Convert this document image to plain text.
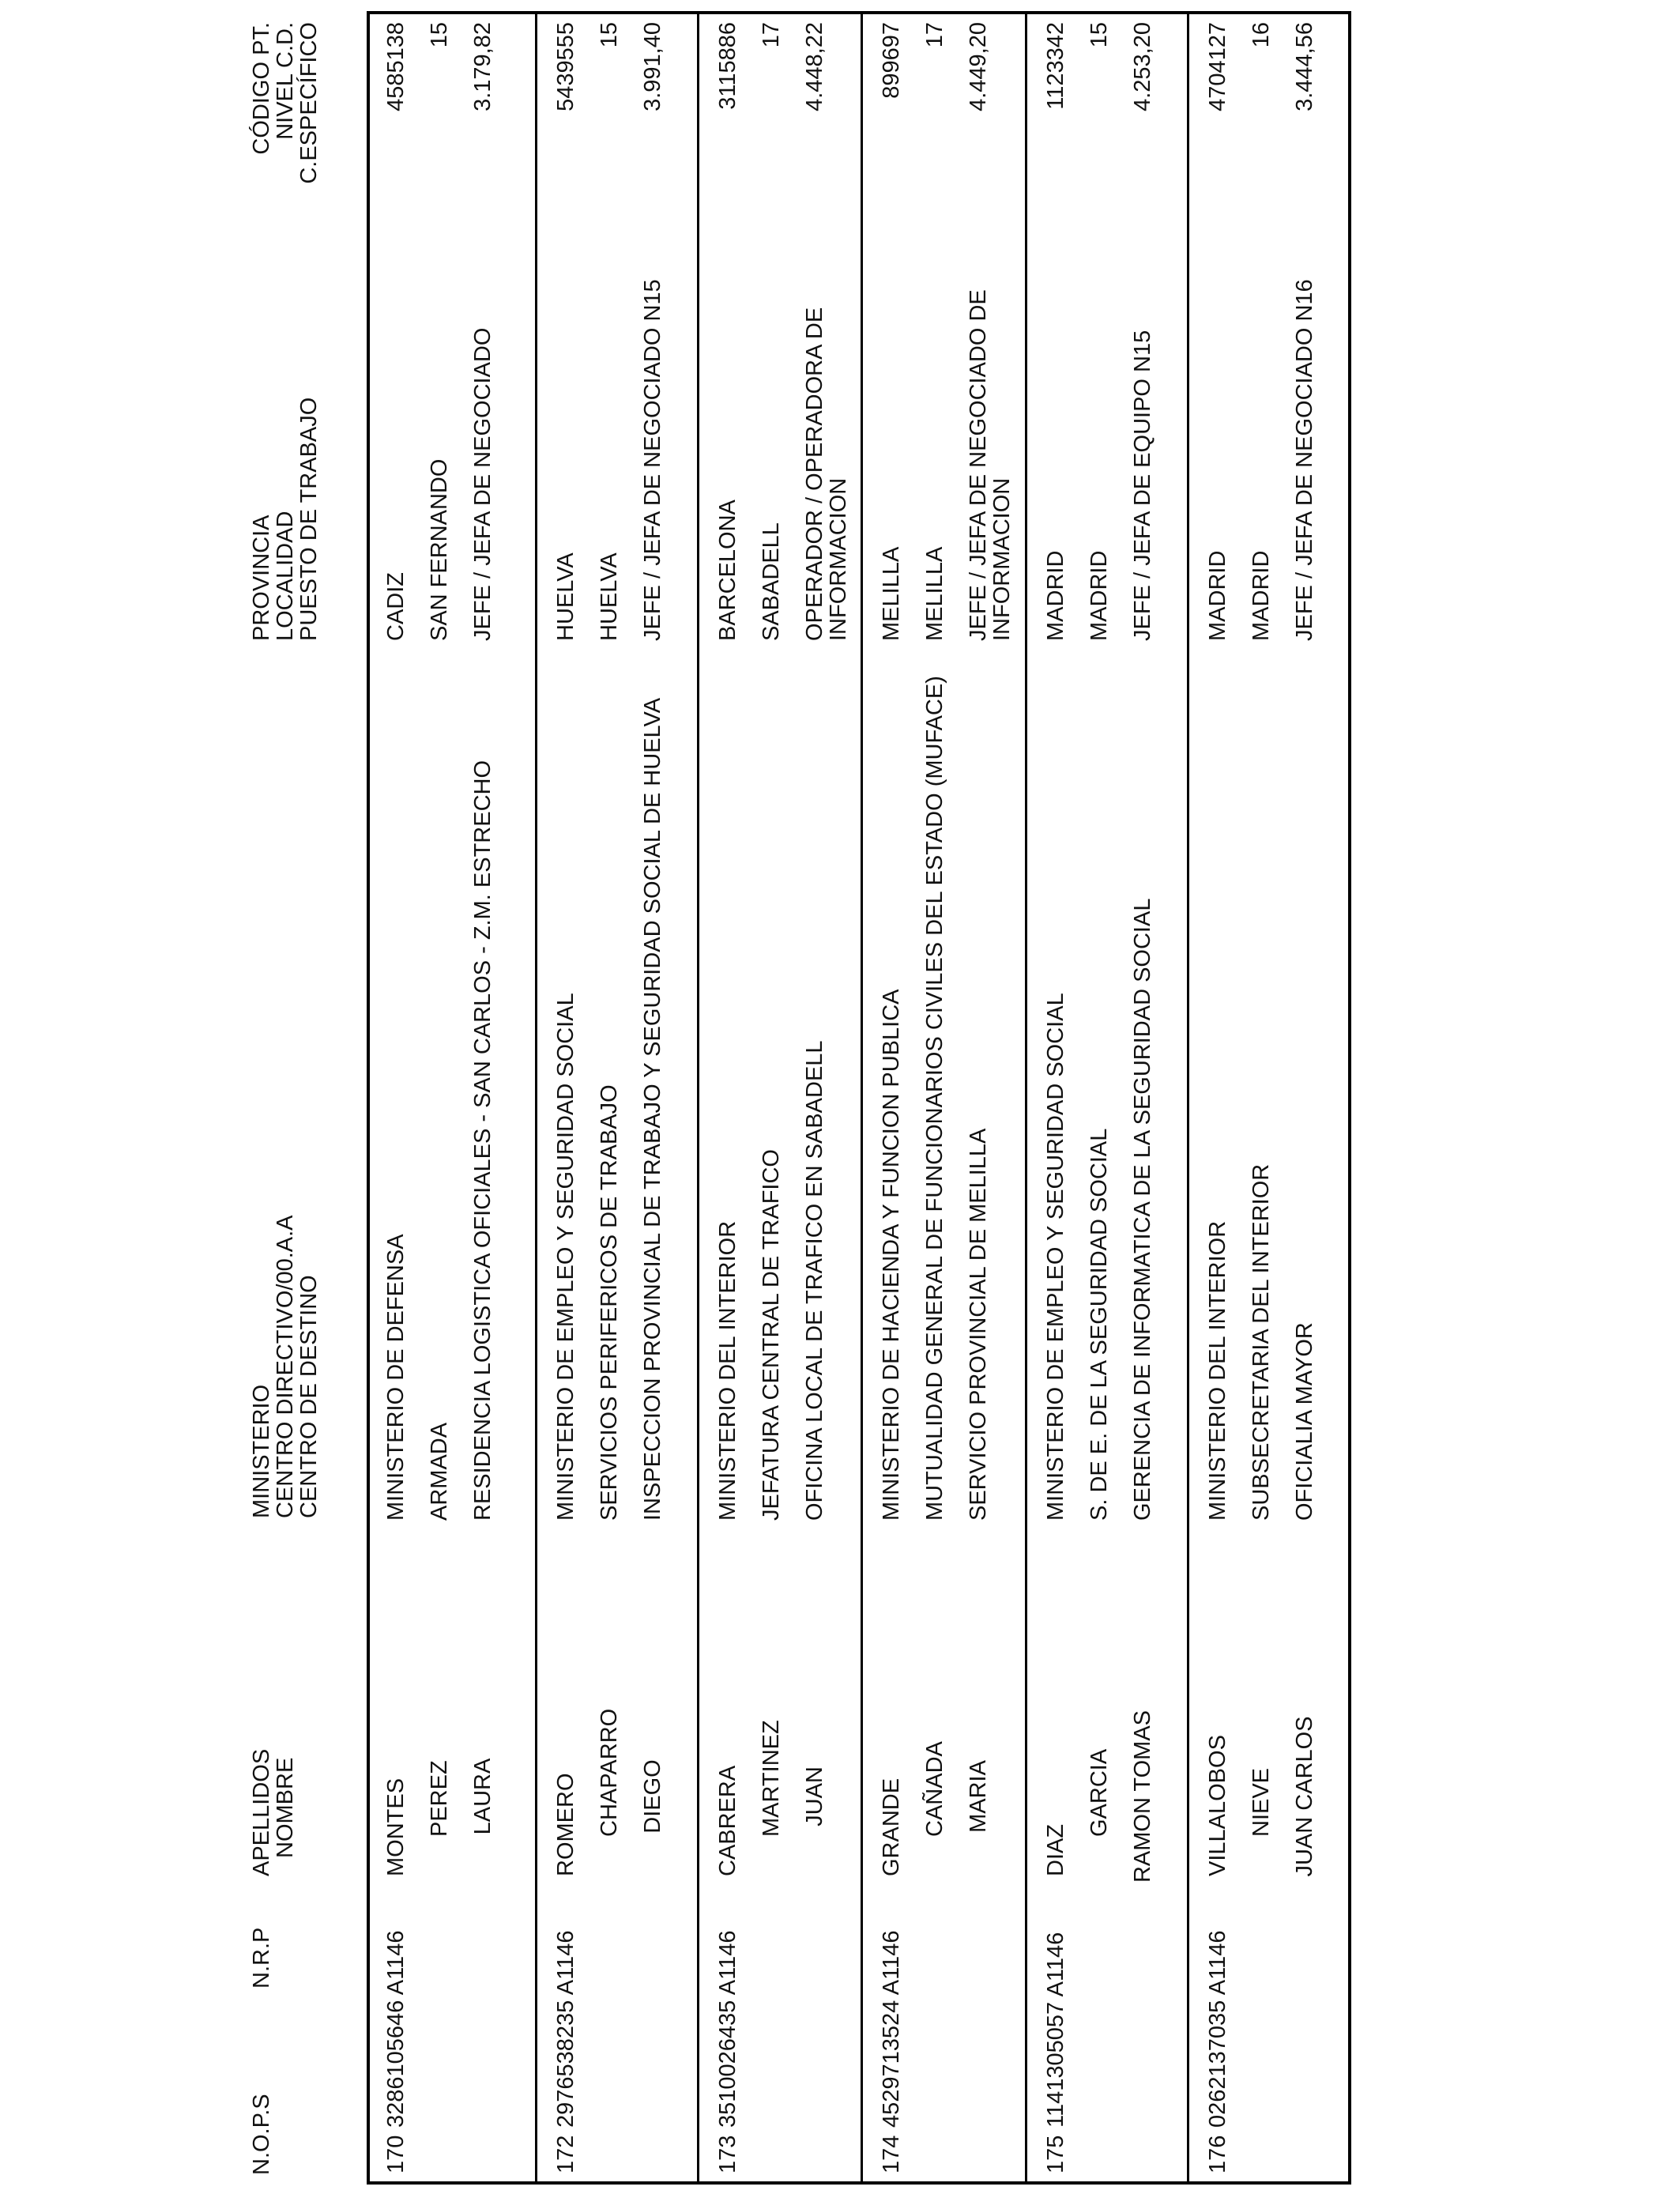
N.O.P.S
N.R.P
APELLIDOS
NOMBRE
MINISTERIO
CENTRO DIRECTIVO/00.A.A
CENTRO DE DESTINO
PROVINCIA
LOCALIDAD
PUESTO DE TRABAJO
CÓDIGO PT.
NIVEL C.D.
C.ESPECÍFICO
170
3286105646 A1146
MONTES PEREZ LAURA
MINISTERIO DE DEFENSA ARMADA RESIDENCIA LOGISTICA OFICIALES - SAN CARLOS - Z.M. ESTRECHO
CADIZ SAN FERNANDO JEFE / JEFA DE NEGOCIADO
4585138 15 3.179,82
172
2976538235 A1146
ROMERO CHAPARRO DIEGO
MINISTERIO DE EMPLEO Y SEGURIDAD SOCIAL SERVICIOS PERIFERICOS DE TRABAJO INSPECCION PROVINCIAL DE TRABAJO Y SEGURIDAD SOCIAL DE HUELVA
HUELVA HUELVA JEFE / JEFA DE NEGOCIADO N15
5439555 15 3.991,40
173
3510026435 A1146
CABRERA MARTINEZ JUAN
MINISTERIO DEL INTERIOR JEFATURA CENTRAL DE TRAFICO OFICINA LOCAL DE TRAFICO EN SABADELL
BARCELONA SABADELL OPERADOR / OPERADORA DE INFORMACION
3115886 17 4.448,22
174
4529713524 A1146
GRANDE CAÑADA MARIA
MINISTERIO DE HACIENDA Y FUNCION PUBLICA MUTUALIDAD GENERAL DE FUNCIONARIOS CIVILES DEL ESTADO (MUFACE) SERVICIO PROVINCIAL DE MELILLA
MELILLA MELILLA JEFE / JEFA DE NEGOCIADO DE INFORMACION
899697 17 4.449,20
175
1141305057 A1146
DIAZ
GARCIA RAMON TOMAS
MINISTERIO DE EMPLEO Y SEGURIDAD SOCIAL S. DE E. DE LA SEGURIDAD SOCIAL GERENCIA DE INFORMATICA DE LA SEGURIDAD SOCIAL
MADRID MADRID JEFE / JEFA DE EQUIPO N15
1123342 15 4.253,20
176
0262137035 A1146
VILLALOBOS NIEVE JUAN CARLOS
MINISTERIO DEL INTERIOR SUBSECRETARIA DEL INTERIOR OFICIALIA MAYOR
MADRID MADRID JEFE / JEFA DE NEGOCIADO N16
4704127 16 3.444,56
